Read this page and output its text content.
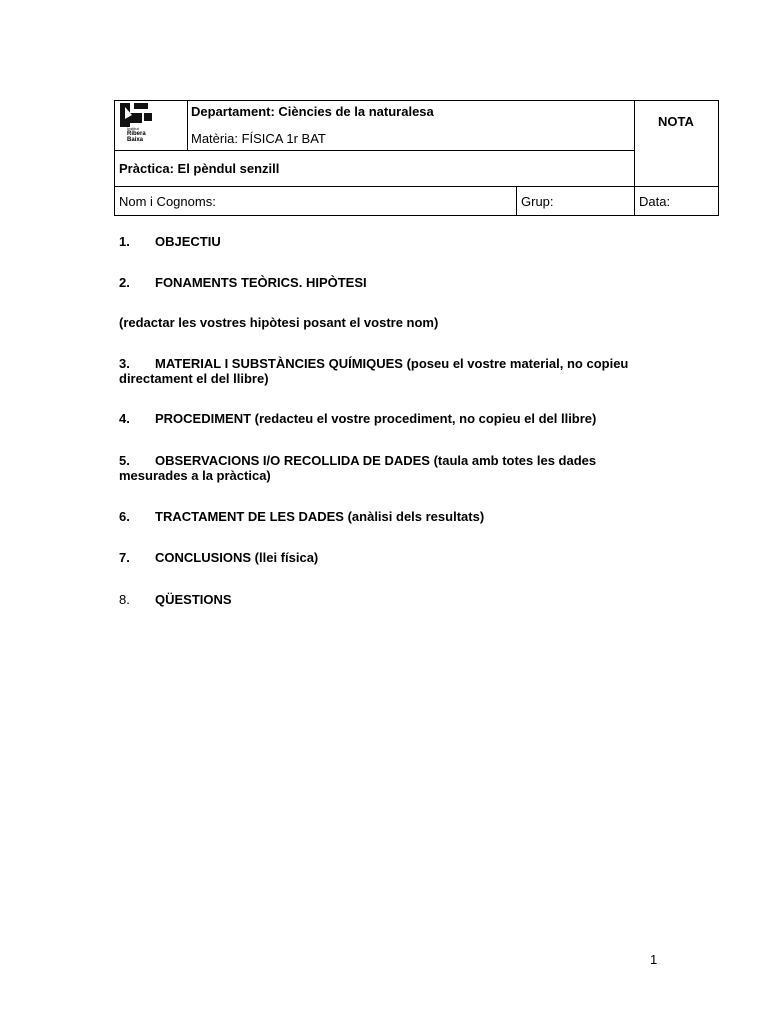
Institut
Ribera
Baixa
Departament: Ciències de la naturalesa
Matèria: FÍSICA 1r BAT
NOTA
Pràctica: El pèndul senzill
Nom i Cognoms:	Grup:	Data:
1. OBJECTIU
2. FONAMENTS TEÒRICS. HIPÒTESI
(redactar les vostres hipòtesi posant el vostre nom)
3. MATERIAL I SUBSTÀNCIES QUÍMIQUES (poseu el vostre material, no copieu
directament el del llibre)
4. PROCEDIMENT (redacteu el vostre procediment, no copieu el del llibre)
5. OBSERVACIONS I/O RECOLLIDA DE DADES (taula amb totes les dades
mesurades a la pràctica)
6. TRACTAMENT DE LES DADES (anàlisi dels resultats)
7. CONCLUSIONS (llei física)
8. QÜESTIONS
1
